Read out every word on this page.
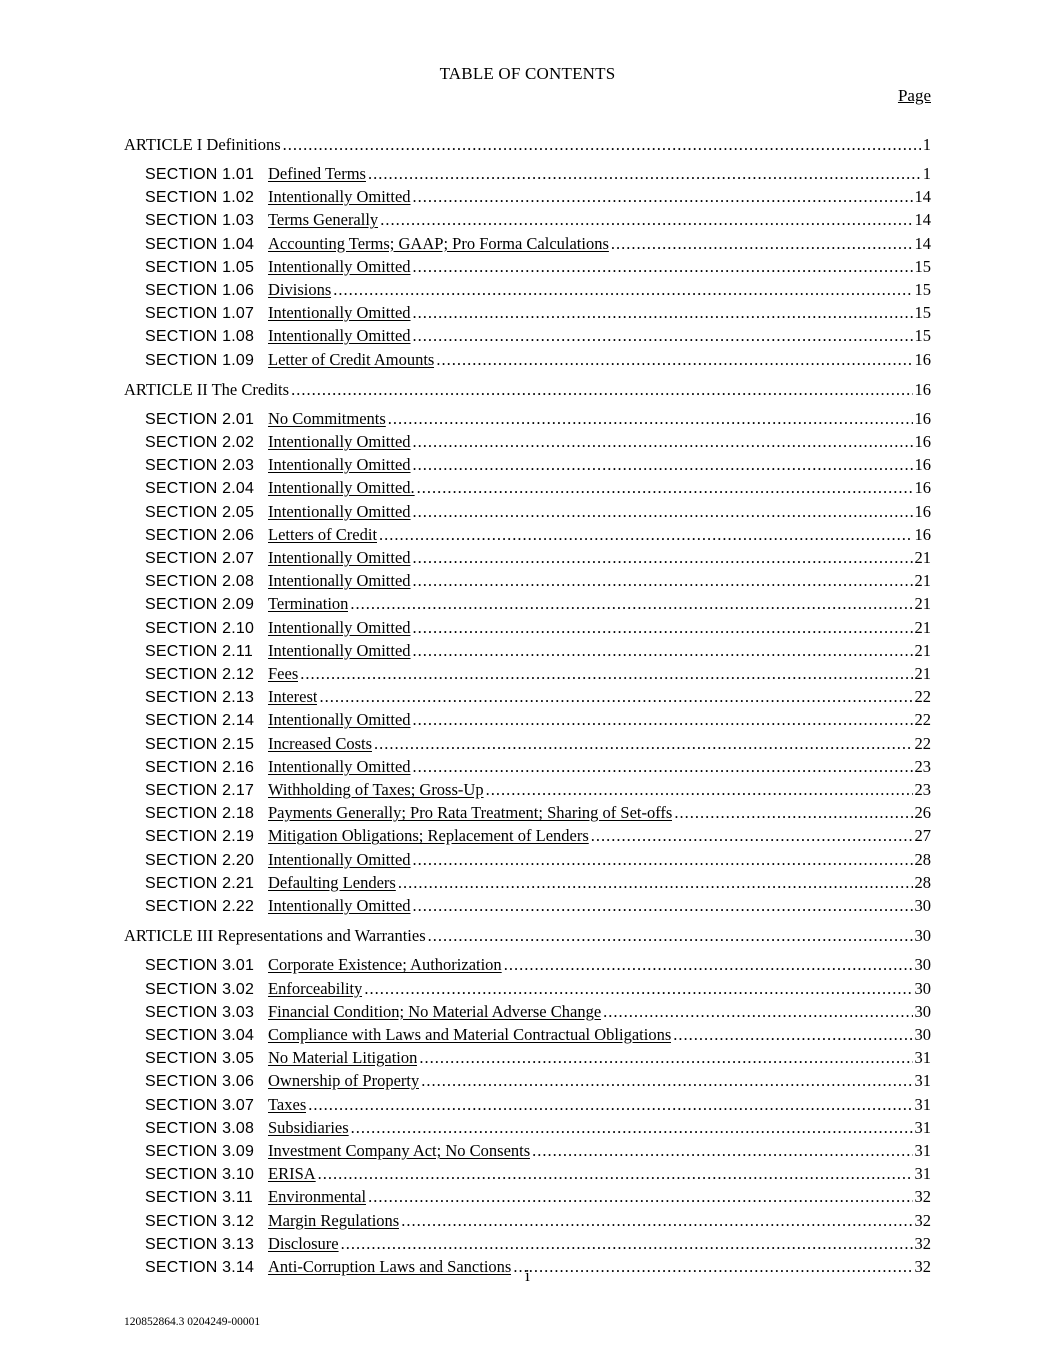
TABLE OF CONTENTS
Page
ARTICLE I Definitions .....	1
SECTION 1.01 Defined Terms .....	1
SECTION 1.02 Intentionally Omitted .....	14
SECTION 1.03 Terms Generally .....	14
SECTION 1.04 Accounting Terms; GAAP; Pro Forma Calculations .....	14
SECTION 1.05 Intentionally Omitted .....	15
SECTION 1.06 Divisions .....	15
SECTION 1.07 Intentionally Omitted .....	15
SECTION 1.08 Intentionally Omitted .....	15
SECTION 1.09 Letter of Credit Amounts .....	16
ARTICLE II The Credits .....	16
SECTION 2.01 No Commitments .....	16
SECTION 2.02 Intentionally Omitted .....	16
SECTION 2.03 Intentionally Omitted .....	16
SECTION 2.04 Intentionally Omitted. .....	16
SECTION 2.05 Intentionally Omitted .....	16
SECTION 2.06 Letters of Credit .....	16
SECTION 2.07 Intentionally Omitted .....	21
SECTION 2.08 Intentionally Omitted .....	21
SECTION 2.09 Termination .....	21
SECTION 2.10 Intentionally Omitted .....	21
SECTION 2.11 Intentionally Omitted .....	21
SECTION 2.12 Fees .....	21
SECTION 2.13 Interest .....	22
SECTION 2.14 Intentionally Omitted .....	22
SECTION 2.15 Increased Costs .....	22
SECTION 2.16 Intentionally Omitted .....	23
SECTION 2.17 Withholding of Taxes; Gross-Up .....	23
SECTION 2.18 Payments Generally; Pro Rata Treatment; Sharing of Set-offs .....	26
SECTION 2.19 Mitigation Obligations; Replacement of Lenders .....	27
SECTION 2.20 Intentionally Omitted .....	28
SECTION 2.21 Defaulting Lenders .....	28
SECTION 2.22 Intentionally Omitted .....	30
ARTICLE III Representations and Warranties .....	30
SECTION 3.01 Corporate Existence; Authorization .....	30
SECTION 3.02 Enforceability .....	30
SECTION 3.03 Financial Condition; No Material Adverse Change .....	30
SECTION 3.04 Compliance with Laws and Material Contractual Obligations .....	30
SECTION 3.05 No Material Litigation .....	31
SECTION 3.06 Ownership of Property .....	31
SECTION 3.07 Taxes .....	31
SECTION 3.08 Subsidiaries .....	31
SECTION 3.09 Investment Company Act; No Consents .....	31
SECTION 3.10 ERISA .....	31
SECTION 3.11 Environmental .....	32
SECTION 3.12 Margin Regulations .....	32
SECTION 3.13 Disclosure .....	32
SECTION 3.14 Anti-Corruption Laws and Sanctions .....	32
i
120852864.3 0204249-00001
